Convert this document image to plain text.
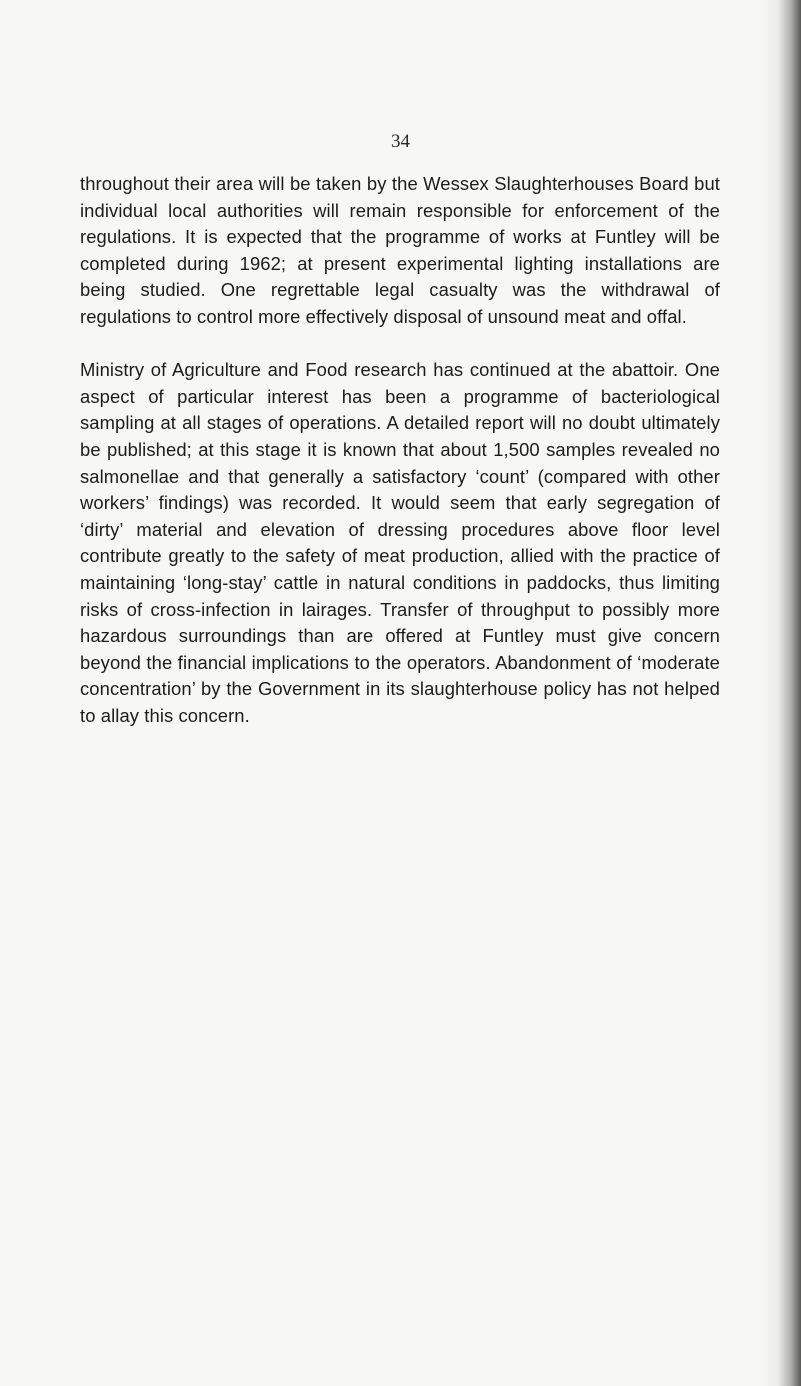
34

throughout their area will be taken by the Wessex Slaughterhouses Board but individual local authorities will remain responsible for enforcement of the regulations. It is expected that the programme of works at Funtley will be completed during 1962; at present experimental lighting installations are being studied. One regrettable legal casualty was the withdrawal of regulations to control more effectively disposal of unsound meat and offal.

Ministry of Agriculture and Food research has continued at the abattoir. One aspect of particular interest has been a programme of bacteriological sampling at all stages of operations. A detailed report will no doubt ultimately be published; at this stage it is known that about 1,500 samples revealed no salmonellae and that generally a satisfactory ‘count’ (compared with other workers’ findings) was recorded. It would seem that early segregation of ‘dirty’ material and elevation of dressing procedures above floor level contribute greatly to the safety of meat production, allied with the practice of maintaining ‘long-stay’ cattle in natural conditions in paddocks, thus limiting risks of cross-infection in lairages. Transfer of throughput to possibly more hazardous surroundings than are offered at Funtley must give concern beyond the financial implications to the operators. Abandonment of ‘moderate concentration’ by the Government in its slaughterhouse policy has not helped to allay this concern.
